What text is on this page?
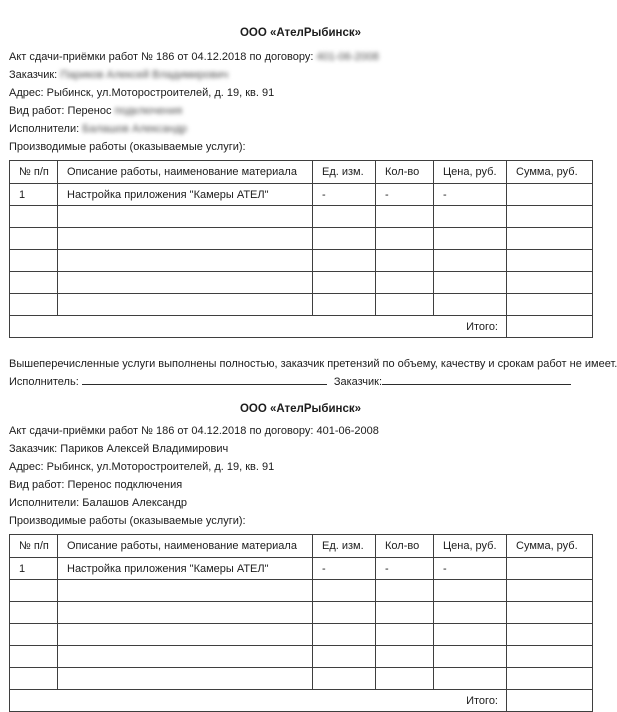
ООО «АтелРыбинск»

Акт сдачи-приёмки работ № 186 от 04.12.2018 по договору: 401-06-2008

Заказчик: Париков Алексей Владимирович

Адрес: Рыбинск, ул.Моторостроителей, д. 19, кв. 91

Вид работ: Перенос подключения

Исполнители: Балашов Александр

Производимые работы (оказываемые услуги):

№ п/п	Описание работы, наименование материала	Ед. изм.	Кол-во	Цена, руб.	Сумма, руб.
1	Настройка приложения "Камеры АТЕЛ"	-	-	-	

Итого:					

Вышеперечисленные услуги выполнены полностью, заказчик претензий по объему, качеству и срокам работ не имеет.

Исполнитель:	Заказчик:

ООО «АтелРыбинск»

Акт сдачи-приёмки работ № 186 от 04.12.2018 по договору: 401-06-2008

Заказчик: Париков Алексей Владимирович

Адрес: Рыбинск, ул.Моторостроителей, д. 19, кв. 91

Вид работ: Перенос подключения

Исполнители: Балашов Александр

Производимые работы (оказываемые услуги):

№ п/п	Описание работы, наименование материала	Ед. изм.	Кол-во	Цена, руб.	Сумма, руб.
1	Настройка приложения "Камеры АТЕЛ"	-	-	-	

Итого:					
